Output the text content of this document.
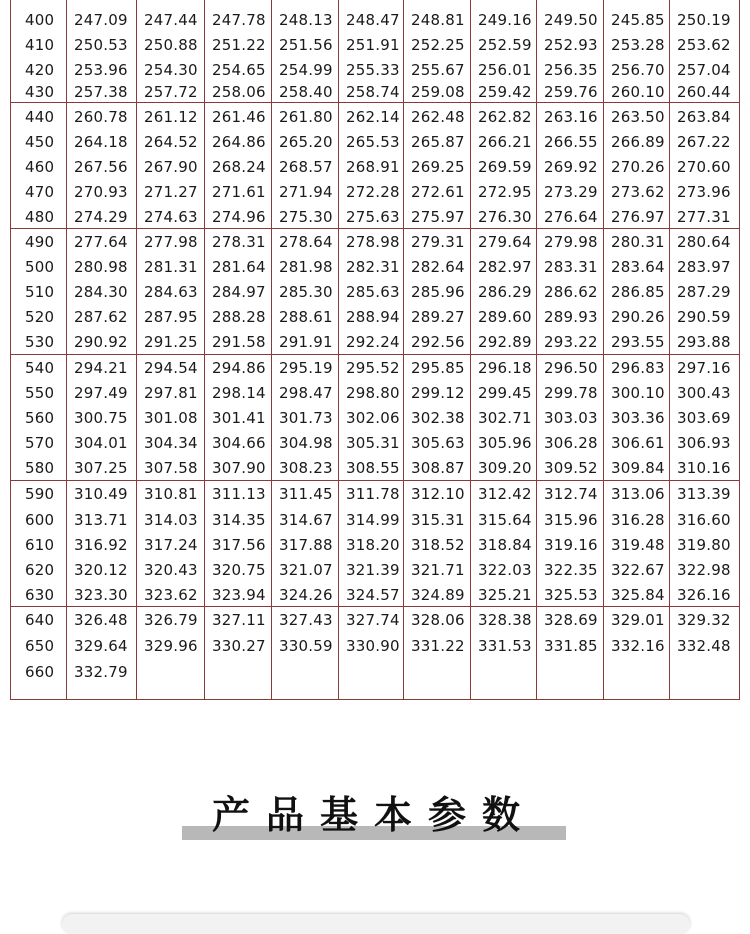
400 247.09 247.44 247.78 248.13 248.47 248.81 249.16 249.50 245.85 250.19
410 250.53 250.88 251.22 251.56 251.91 252.25 252.59 252.93 253.28 253.62
420 253.96 254.30 254.65 254.99 255.33 255.67 256.01 256.35 256.70 257.04
430 257.38 257.72 258.06 258.40 258.74 259.08 259.42 259.76 260.10 260.44
440 260.78 261.12 261.46 261.80 262.14 262.48 262.82 263.16 263.50 263.84
450 264.18 264.52 264.86 265.20 265.53 265.87 266.21 266.55 266.89 267.22
460 267.56 267.90 268.24 268.57 268.91 269.25 269.59 269.92 270.26 270.60
470 270.93 271.27 271.61 271.94 272.28 272.61 272.95 273.29 273.62 273.96
480 274.29 274.63 274.96 275.30 275.63 275.97 276.30 276.64 276.97 277.31
490 277.64 277.98 278.31 278.64 278.98 279.31 279.64 279.98 280.31 280.64
500 280.98 281.31 281.64 281.98 282.31 282.64 282.97 283.31 283.64 283.97
510 284.30 284.63 284.97 285.30 285.63 285.96 286.29 286.62 286.85 287.29
520 287.62 287.95 288.28 288.61 288.94 289.27 289.60 289.93 290.26 290.59
530 290.92 291.25 291.58 291.91 292.24 292.56 292.89 293.22 293.55 293.88
540 294.21 294.54 294.86 295.19 295.52 295.85 296.18 296.50 296.83 297.16
550 297.49 297.81 298.14 298.47 298.80 299.12 299.45 299.78 300.10 300.43
560 300.75 301.08 301.41 301.73 302.06 302.38 302.71 303.03 303.36 303.69
570 304.01 304.34 304.66 304.98 305.31 305.63 305.96 306.28 306.61 306.93
580 307.25 307.58 307.90 308.23 308.55 308.87 309.20 309.52 309.84 310.16
590 310.49 310.81 311.13 311.45 311.78 312.10 312.42 312.74 313.06 313.39
600 313.71 314.03 314.35 314.67 314.99 315.31 315.64 315.96 316.28 316.60
610 316.92 317.24 317.56 317.88 318.20 318.52 318.84 319.16 319.48 319.80
620 320.12 320.43 320.75 321.07 321.39 321.71 322.03 322.35 322.67 322.98
630 323.30 323.62 323.94 324.26 324.57 324.89 325.21 325.53 325.84 326.16
640 326.48 326.79 327.11 327.43 327.74 328.06 328.38 328.69 329.01 329.32
650 329.64 329.96 330.27 330.59 330.90 331.22 331.53 331.85 332.16 332.48
660 332.79
产品基本参数
